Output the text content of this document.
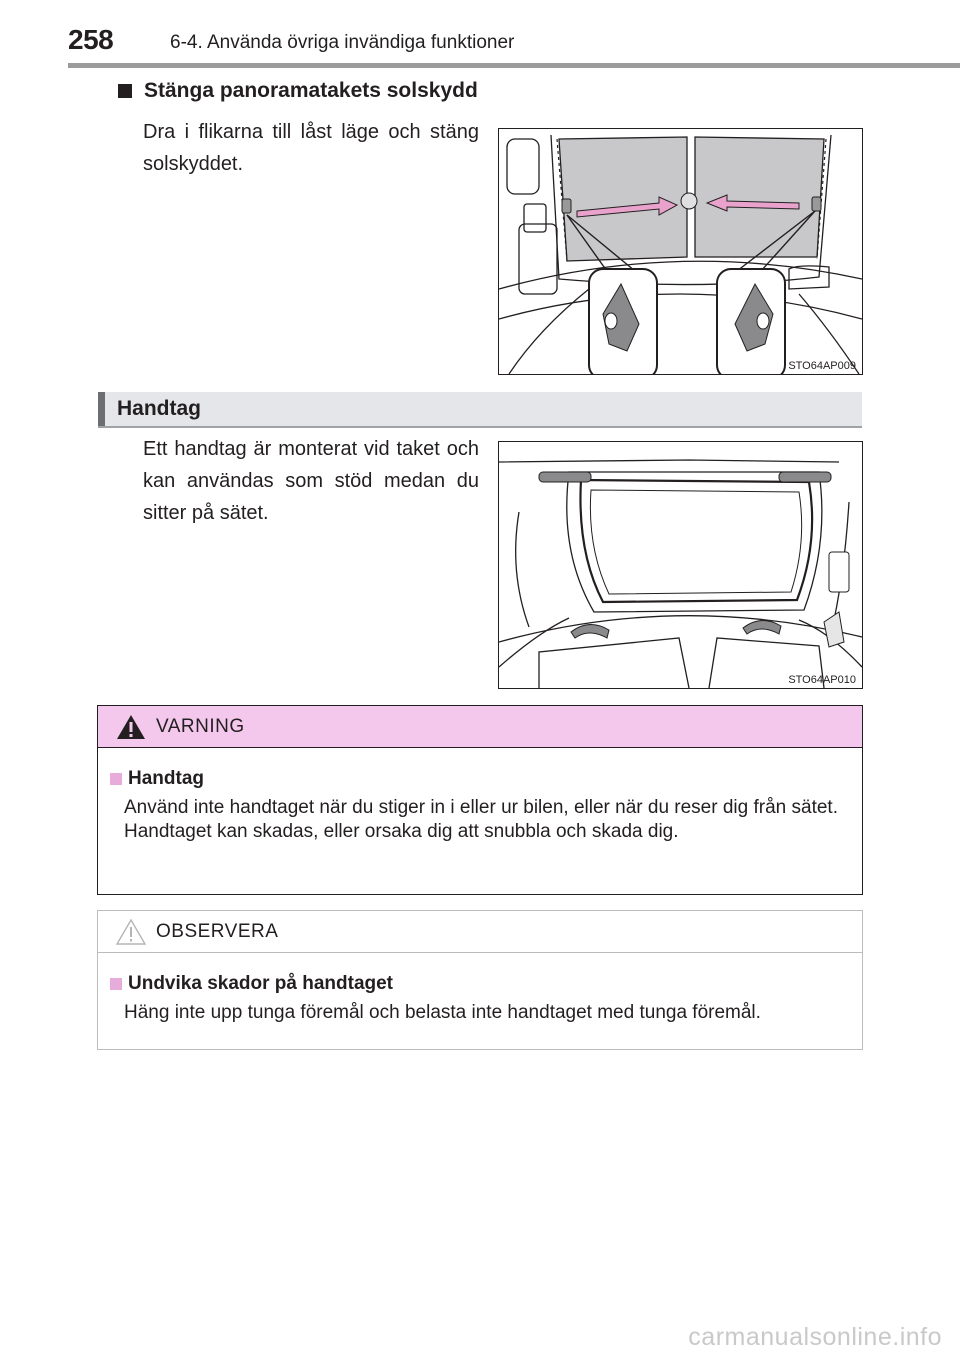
258	6-4. Använda övriga invändiga funktioner
Stänga panoramatakets solskydd
Dra i flikarna till låst läge och stäng solskyddet.
STO64AP009
Handtag
Ett handtag är monterat vid taket och kan användas som stöd medan du sitter på sätet.
STO64AP010
VARNING
Handtag
Använd inte handtaget när du stiger in i eller ur bilen, eller när du reser dig från sätet.
Handtaget kan skadas, eller orsaka dig att snubbla och skada dig.
OBSERVERA
Undvika skador på handtaget
Häng inte upp tunga föremål och belasta inte handtaget med tunga föremål.
carmanualsonline.info
